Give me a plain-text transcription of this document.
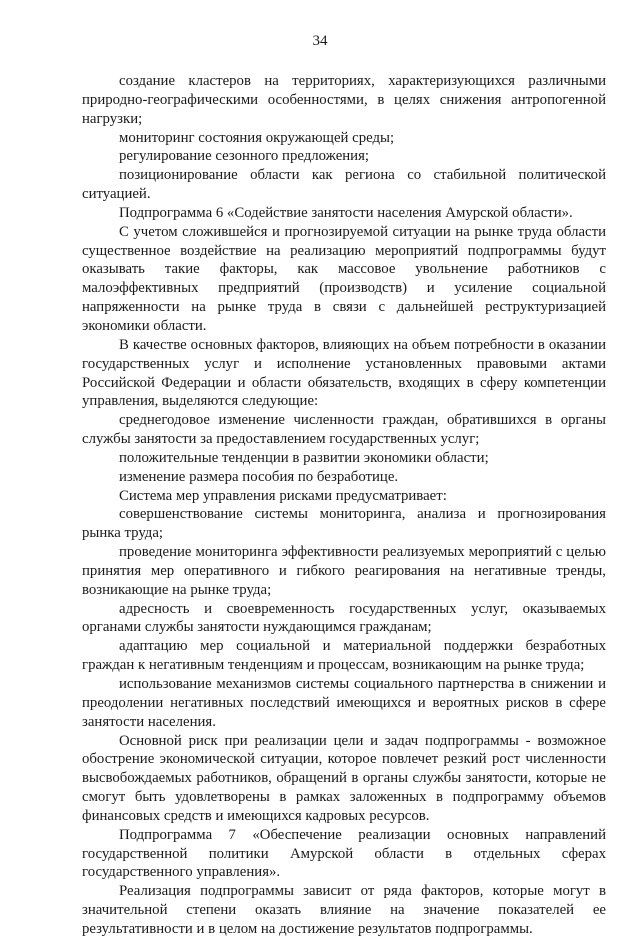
34

создание кластеров на территориях, характеризующихся различными природно-географическими особенностями, в целях снижения антропогенной нагрузки;

мониторинг состояния окружающей среды;

регулирование сезонного предложения;

позиционирование области как региона со стабильной политической ситуацией.

Подпрограмма 6 «Содействие занятости населения Амурской области».

С учетом сложившейся и прогнозируемой ситуации на рынке труда области существенное воздействие на реализацию мероприятий подпрограммы будут оказывать такие факторы, как массовое увольнение работников с малоэффективных предприятий (производств) и усиление социальной напряженности на рынке труда в связи с дальнейшей реструктуризацией экономики области.

В качестве основных факторов, влияющих на объем потребности в оказании государственных услуг и исполнение установленных правовыми актами Российской Федерации и области обязательств, входящих в сферу компетенции управления, выделяются следующие:

среднегодовое изменение численности граждан, обратившихся в органы службы занятости за предоставлением государственных услуг;

положительные тенденции в развитии экономики области;

изменение размера пособия по безработице.

Система мер управления рисками предусматривает:

совершенствование системы мониторинга, анализа и прогнозирования рынка труда;

проведение мониторинга эффективности реализуемых мероприятий с целью принятия мер оперативного и гибкого реагирования на негативные тренды, возникающие на рынке труда;

адресность и своевременность государственных услуг, оказываемых органами службы занятости нуждающимся гражданам;

адаптацию мер социальной и материальной поддержки безработных граждан к негативным тенденциям и процессам, возникающим на рынке труда;

использование механизмов системы социального партнерства в снижении и преодолении негативных последствий имеющихся и вероятных рисков в сфере занятости населения.

Основной риск при реализации цели и задач подпрограммы - возможное обострение экономической ситуации, которое повлечет резкий рост численности высвобождаемых работников, обращений в органы службы занятости, которые не смогут быть удовлетворены в рамках заложенных в подпрограмму объемов финансовых средств и имеющихся кадровых ресурсов.

Подпрограмма 7 «Обеспечение реализации основных направлений государственной политики Амурской области в отдельных сферах государственного управления».

Реализация подпрограммы зависит от ряда факторов, которые могут в значительной степени оказать влияние на значение показателей ее результативности и в целом на достижение результатов подпрограммы.
